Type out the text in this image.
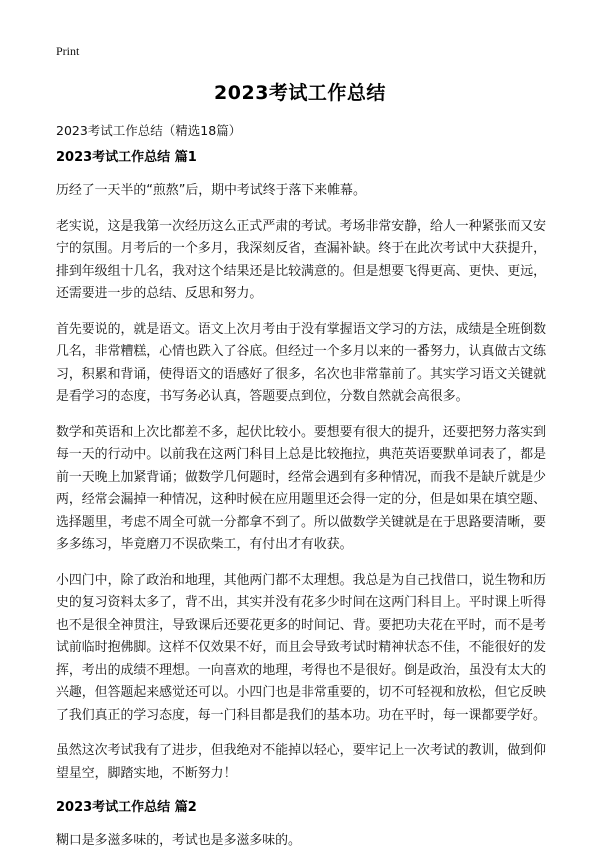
Print
2023考试工作总结
2023考试工作总结（精选18篇）
2023考试工作总结 篇1

历经了一天半的“煎熬”后，期中考试终于落下来帷幕。

老实说，这是我第一次经历这么正式严肃的考试。考场非常安静，给人一种紧张而又安宁的氛围。月考后的一个多月，我深刻反省，查漏补缺。终于在此次考试中大获提升，排到年级组十几名，我对这个结果还是比较满意的。但是想要飞得更高、更快、更远，还需要进一步的总结、反思和努力。

首先要说的，就是语文。语文上次月考由于没有掌握语文学习的方法，成绩是全班倒数几名，非常糟糕，心情也跌入了谷底。但经过一个多月以来的一番努力，认真做古文练习，积累和背诵，使得语文的语感好了很多，名次也非常靠前了。其实学习语文关键就是看学习的态度，书写务必认真，答题要点到位，分数自然就会高很多。

数学和英语和上次比都差不多，起伏比较小。要想要有很大的提升，还要把努力落实到每一天的行动中。以前我在这两门科目上总是比较拖拉，典范英语要默单词表了，都是前一天晚上加紧背诵；做数学几何题时，经常会遇到有多种情况，而我不是缺斤就是少两，经常会漏掉一种情况，这种时候在应用题里还会得一定的分，但是如果在填空题、选择题里，考虑不周全可就一分都拿不到了。所以做数学关键就是在于思路要清晰，要多多练习，毕竟磨刀不误砍柴工，有付出才有收获。

小四门中，除了政治和地理，其他两门都不太理想。我总是为自己找借口，说生物和历史的复习资料太多了，背不出，其实并没有花多少时间在这两门科目上。平时课上听得也不是很全神贯注，导致课后还要花更多的时间记、背。要把功夫花在平时，而不是考试前临时抱佛脚。这样不仅效果不好，而且会导致考试时精神状态不佳，不能很好的发挥，考出的成绩不理想。一向喜欢的地理，考得也不是很好。倒是政治，虽没有太大的兴趣，但答题起来感觉还可以。小四门也是非常重要的，切不可轻视和放松，但它反映了我们真正的学习态度，每一门科目都是我们的基本功。功在平时，每一课都要学好。

虽然这次考试我有了进步，但我绝对不能掉以轻心，要牢记上一次考试的教训，做到仰望星空，脚踏实地，不断努力！

2023考试工作总结 篇2

糊口是多滋多味的，考试也是多滋多味的。
